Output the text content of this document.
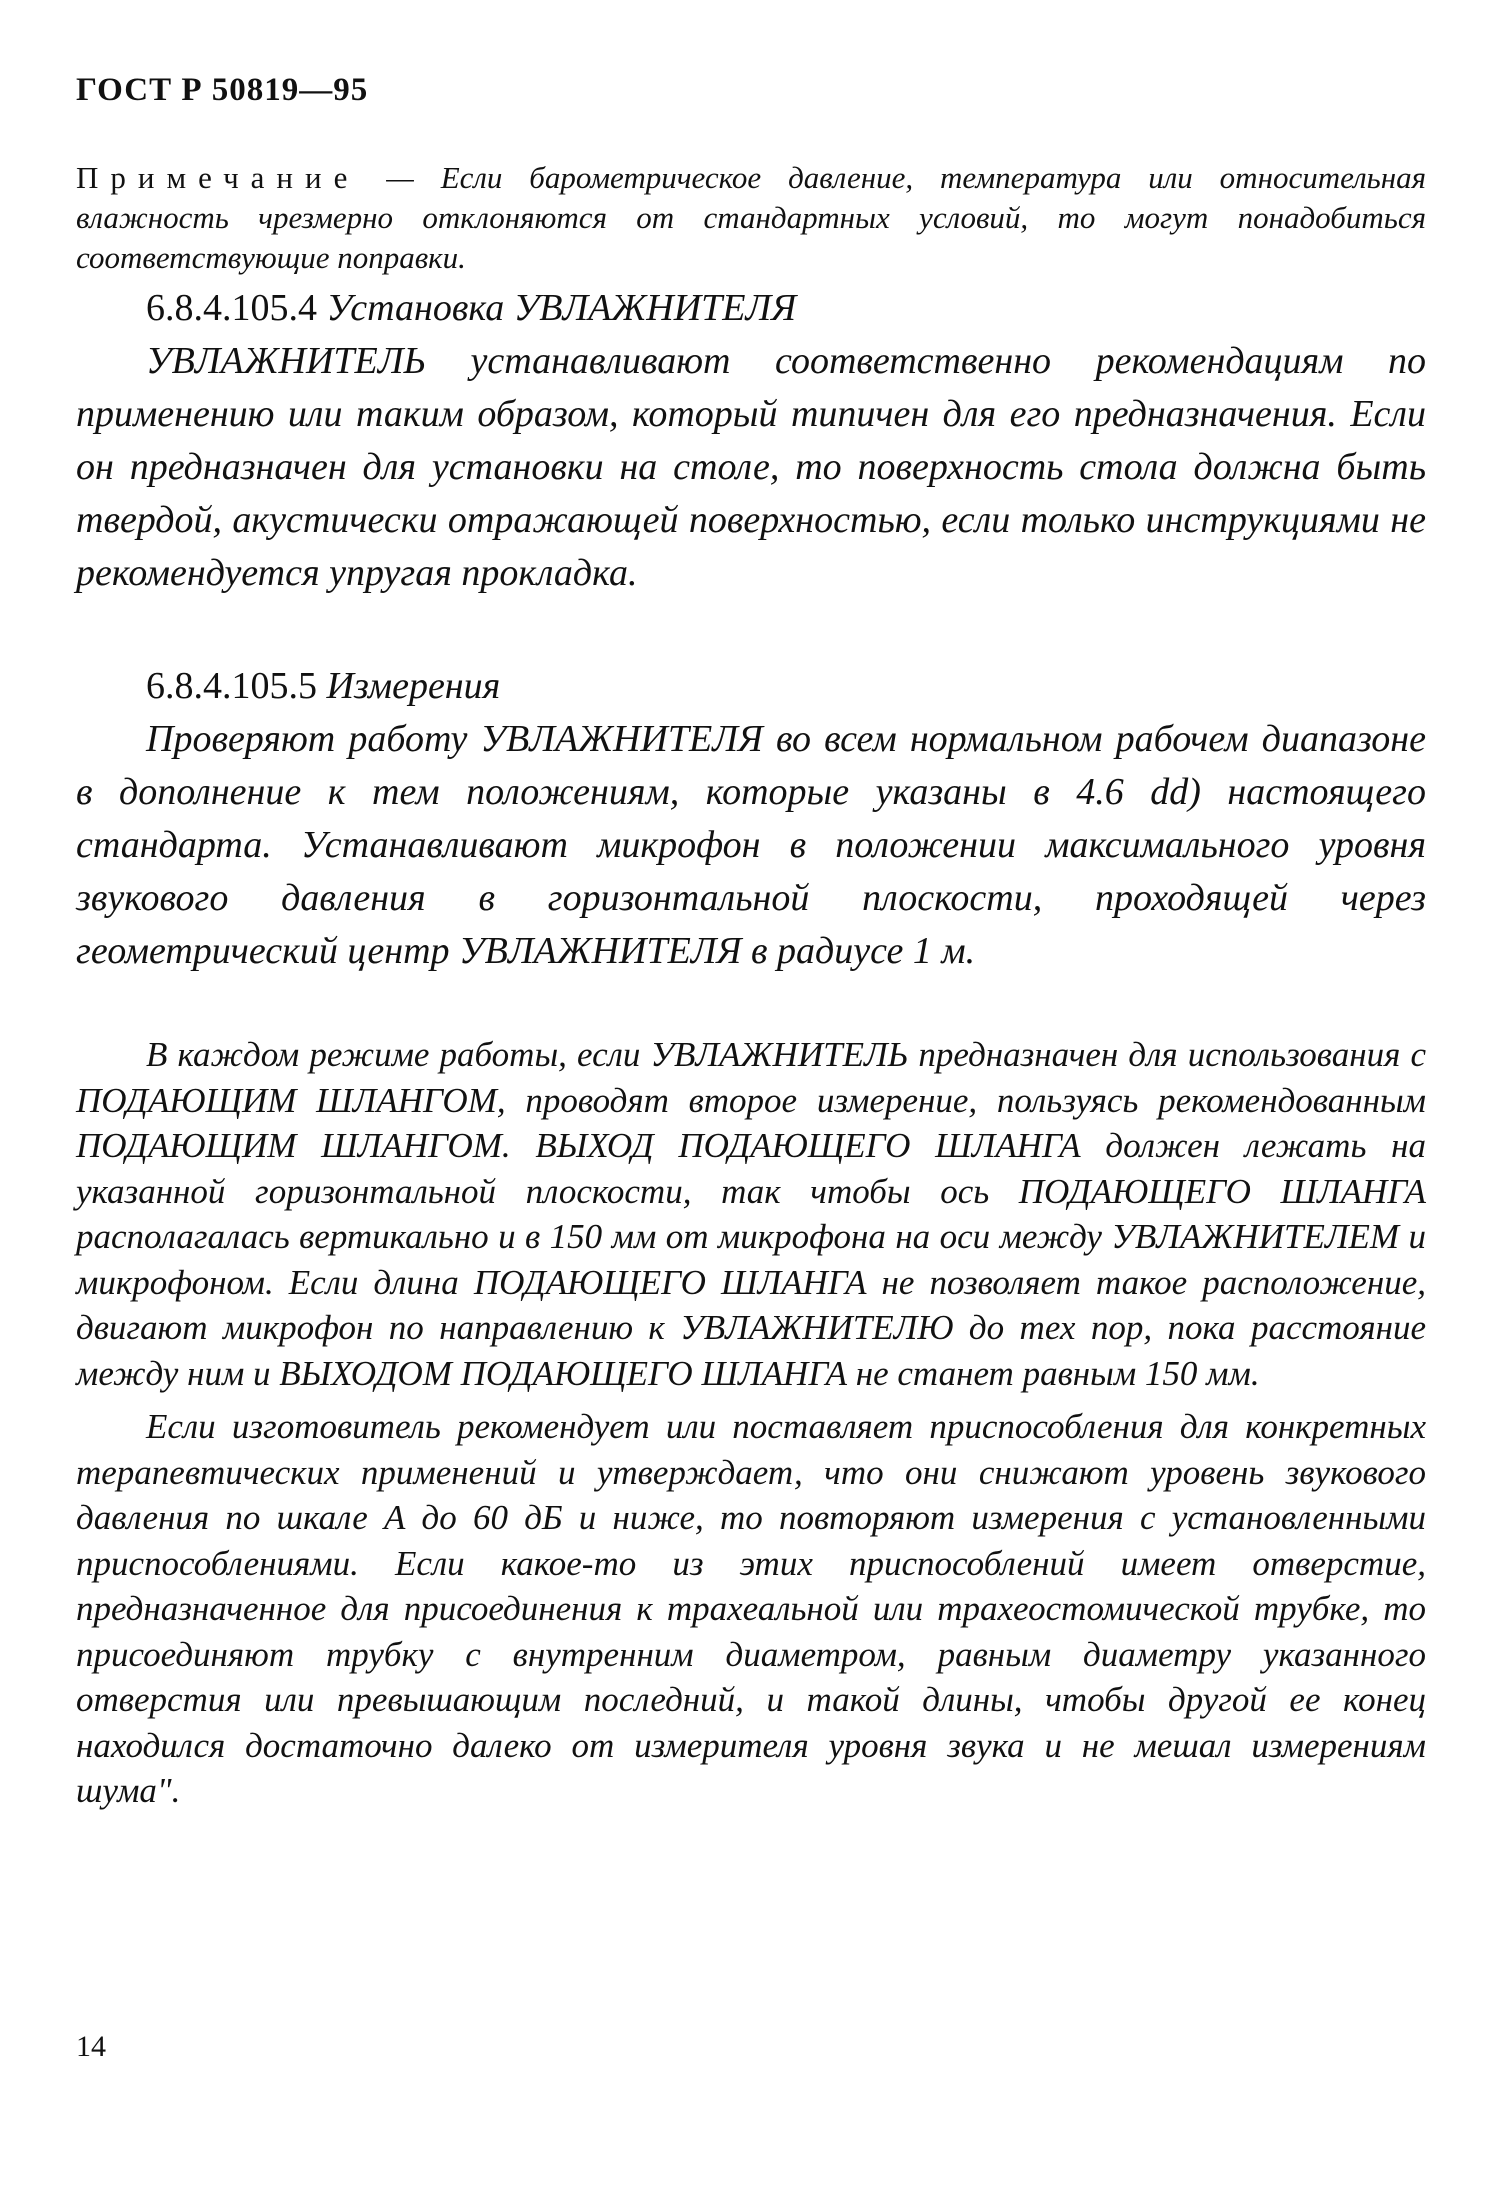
ГОСТ Р 50819—95
Примечание — Если барометрическое давление, температура или относительная влажность чрезмерно отклоняются от стандартных условий, то могут понадобиться соответствующие поправки.

6.8.4.105.4 Установка УВЛАЖНИТЕЛЯ

УВЛАЖНИТЕЛЬ устанавливают соответственно рекомендациям по применению или таким образом, который типичен для его предназначения. Если он предназначен для установки на столе, то поверхность стола должна быть твердой, акустически отражающей поверхностью, если только инструкциями не рекомендуется упругая прокладка.

6.8.4.105.5 Измерения

Проверяют работу УВЛАЖНИТЕЛЯ во всем нормальном рабочем диапазоне в дополнение к тем положениям, которые указаны в 4.6 dd) настоящего стандарта. Устанавливают микрофон в положении максимального уровня звукового давления в горизонтальной плоскости, проходящей через геометрический центр УВЛАЖНИТЕЛЯ в радиусе 1 м.

В каждом режиме работы, если УВЛАЖНИТЕЛЬ предназначен для использования с ПОДАЮЩИМ ШЛАНГОМ, проводят второе измерение, пользуясь рекомендованным ПОДАЮЩИМ ШЛАНГОМ. ВЫХОД ПОДАЮЩЕГО ШЛАНГА должен лежать на указанной горизонтальной плоскости, так чтобы ось ПОДАЮЩЕГО ШЛАНГА располагалась вертикально и в 150 мм от микрофона на оси между УВЛАЖНИТЕЛЕМ и микрофоном. Если длина ПОДАЮЩЕГО ШЛАНГА не позволяет такое расположение, двигают микрофон по направлению к УВЛАЖНИТЕЛЮ до тех пор, пока расстояние между ним и ВЫХОДОМ ПОДАЮЩЕГО ШЛАНГА не станет равным 150 мм.

Если изготовитель рекомендует или поставляет приспособления для конкретных терапевтических применений и утверждает, что они снижают уровень звукового давления по шкале А до 60 дБ и ниже, то повторяют измерения с установленными приспособлениями. Если какое-то из этих приспособлений имеет отверстие, предназначенное для присоединения к трахеальной или трахеостомической трубке, то присоединяют трубку с внутренним диаметром, равным диаметру указанного отверстия или превышающим последний, и такой длины, чтобы другой ее конец находился достаточно далеко от измерителя уровня звука и не мешал измерениям шума".

14
